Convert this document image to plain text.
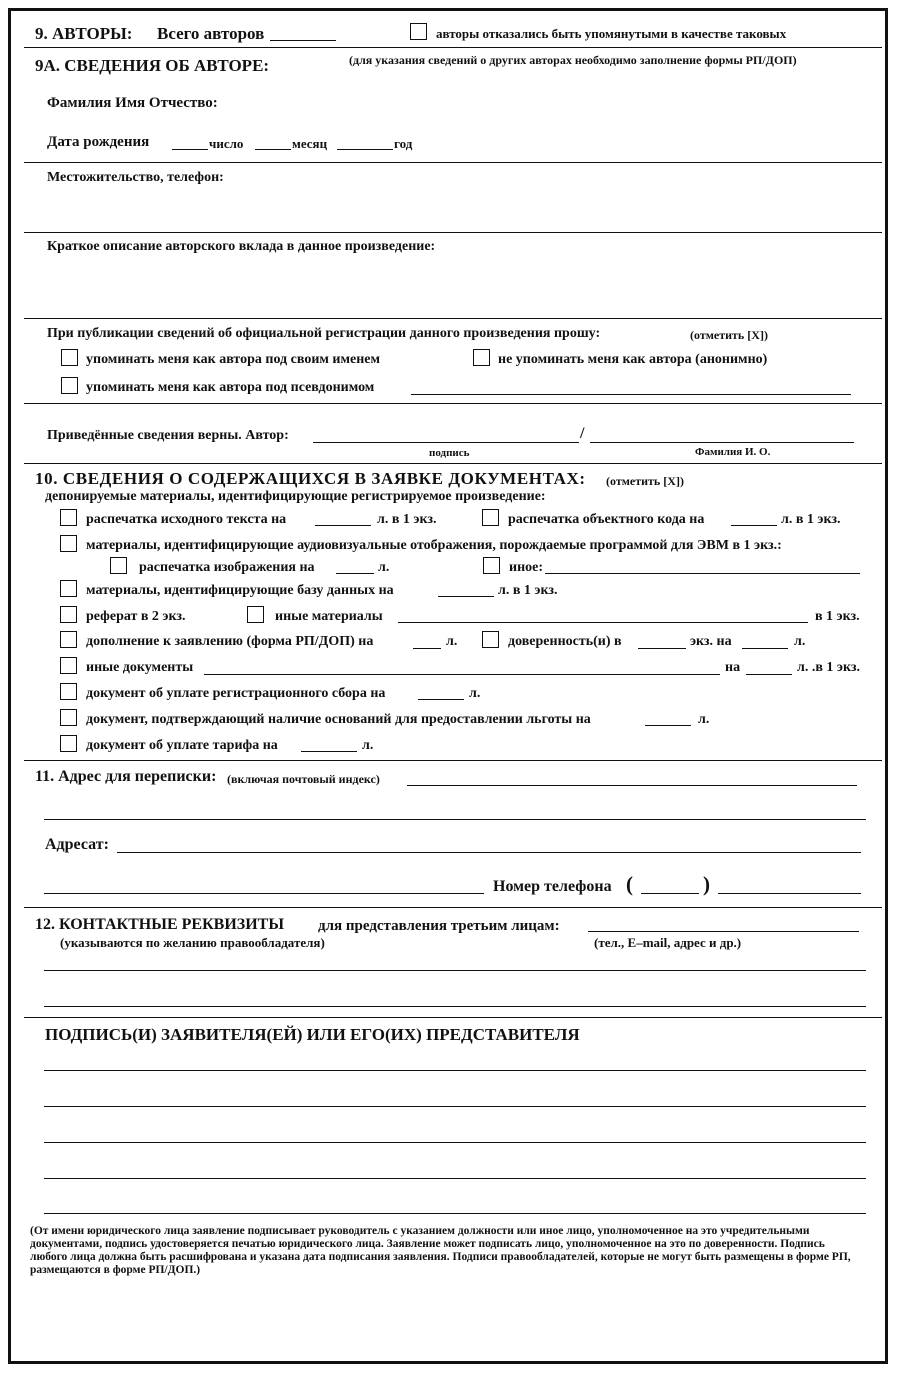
9. АВТОРЫ: Всего авторов	авторы отказались быть упомянутыми в качестве таковых
9А. СВЕДЕНИЯ ОБ АВТОРЕ:	(для указания сведений о других авторах необходимо заполнение формы РП/ДОП)
Фамилия Имя Отчество:
Дата рождения	число	месяц	год
Местожительство, телефон:
Краткое описание авторского вклада в данное произведение:
При публикации сведений об официальной регистрации данного произведения прошу:	(отметить [X])
упоминать меня как автора под своим именем	не упоминать меня как автора (анонимно)
упоминать меня как автора под псевдонимом
Приведённые сведения верны. Автор:	/
подпись	Фамилия И. О.
10. СВЕДЕНИЯ О СОДЕРЖАЩИХСЯ В ЗАЯВКЕ ДОКУМЕНТАХ: (отметить [X])
депонируемые материалы, идентифицирующие регистрируемое произведение:
распечатка исходного текста на	л. в 1 экз.	распечатка объектного кода на	л. в 1 экз.
материалы, идентифицирующие аудиовизуальные отображения, порождаемые программой для ЭВМ в 1 экз.:
распечатка изображения на	л.	иное:
материалы, идентифицирующие базу данных на	л. в 1 экз.
реферат в 2 экз.	иные материалы	в 1 экз.
дополнение к заявлению (форма РП/ДОП) на	л.	доверенность(и) в	экз. на	л.
иные документы	на	л. .в 1 экз.
документ об уплате регистрационного сбора на	л.
документ, подтверждающий наличие оснований для предоставлении льготы на	л.
документ об уплате тарифа на	л.
11. Адрес для переписки: (включая почтовый индекс)
Адресат:
Номер телефона (	)
12. КОНТАКТНЫЕ РЕКВИЗИТЫ для представления третьим лицам:
(указываются по желанию правообладателя)	(тел., E–mail, адрес и др.)
ПОДПИСЬ(И) ЗАЯВИТЕЛЯ(ЕЙ) ИЛИ ЕГО(ИХ) ПРЕДСТАВИТЕЛЯ
(От имени юридического лица заявление подписывает руководитель с указанием должности или иное лицо, уполномоченное на это учредительными документами, подпись удостоверяется печатью юридического лица. Заявление может подписать лицо, уполномоченное на это по доверенности. Подпись любого лица должна быть расшифрована и указана дата подписания заявления. Подписи правообладателей, которые не могут быть размещены в форме РП, размещаются в форме РП/ДОП.)
